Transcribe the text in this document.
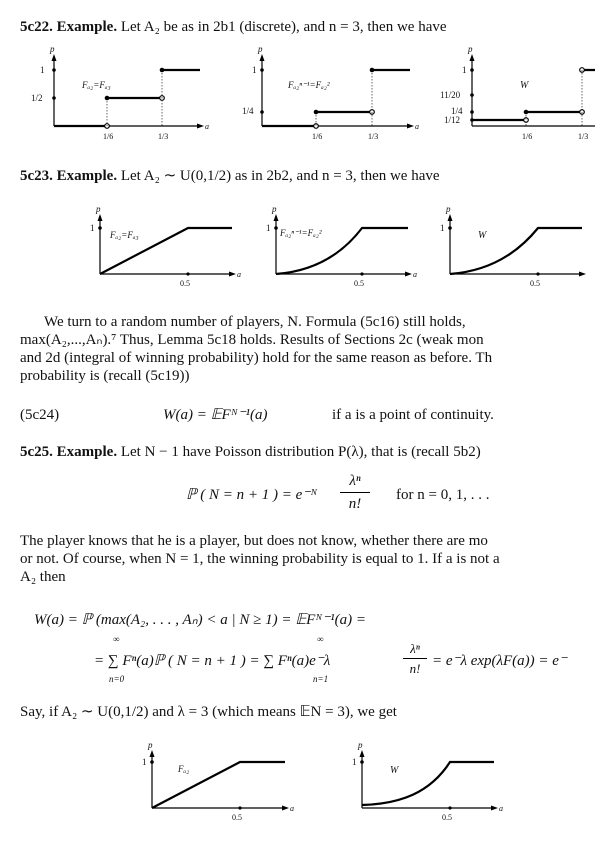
5c22. Example. Let A₂ be as in 2b1 (discrete), and n = 3, then we have
p
a
1
1/2
1/6	1/3
Fₐ₂=Fₐ₃
p
a
1
1/4
1/6	1/3
Fₐ₂ⁿ⁻¹=Fₐ₂²
p
1
11/20
1/4
1/12
1/6	1/3
W
5c23. Example. Let A₂ ∼ U(0,1/2) as in 2b2, and n = 3, then we have
p
a
1
0.5
Fₐ₂=Fₐ₃
p
a
1
0.5
Fₐ₂ⁿ⁻¹=Fₐ₂²
p
1
0.5
W
We turn to a random number of players, N. Formula (5c16) still holds,
max(A₂,...,Aₙ).⁷ Thus, Lemma 5c18 holds. Results of Sections 2c (weak mon
and 2d (integral of winning probability) hold for the same reason as before. Th
probability is (recall (5c19))
(5c24)	W(a) = 𝔼Fᴺ⁻¹(a)	if a is a point of continuity.
5c25. Example. Let N − 1 have Poisson distribution P(λ), that is (recall 5b2)
ℙ ( N = n + 1 ) = e⁻ᴺ
λⁿ
n!
for n = 0, 1, . . .
The player knows that he is a player, but does not know, whether there are mo
or not. Of course, when N = 1, the winning probability is equal to 1. If a is not a
A₂ then
W(a) = ℙ (max(A₂, . . . , Aₙ) < a | N ≥ 1) = 𝔼Fᴺ⁻¹(a) =
∞
= ∑ Fⁿ(a)ℙ ( N = n + 1 ) = ∑ Fⁿ(a)e⁻λ
n=0
∞
n=1
λⁿ
n! = e⁻λ exp(λF(a)) = e⁻
Say, if A₂ ∼ U(0,1/2) and λ = 3 (which means 𝔼N = 3), we get
p
a
1
0.5
Fₐ₂
p
a
1
0.5
W
